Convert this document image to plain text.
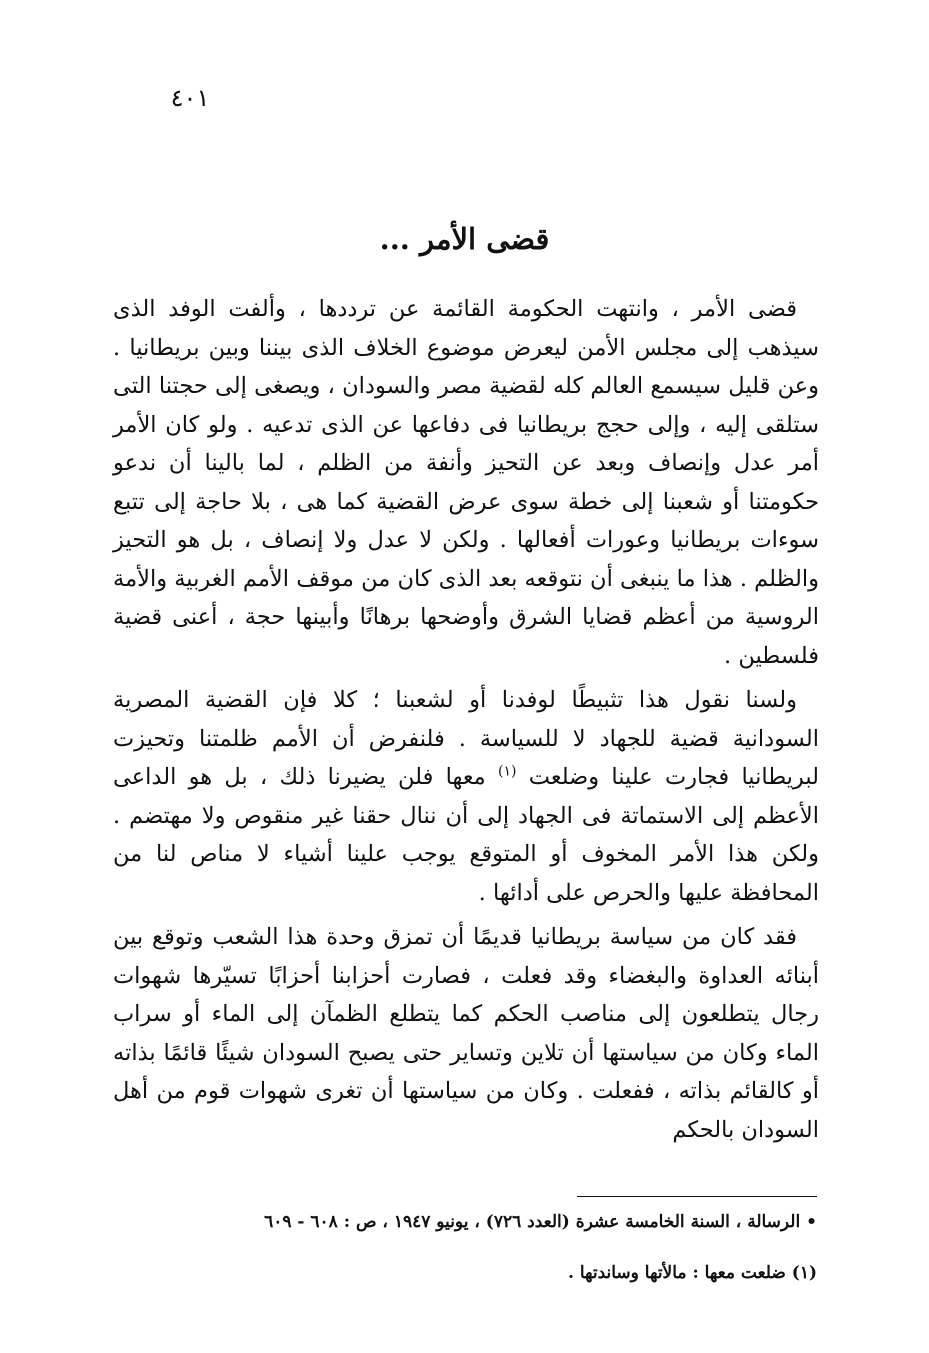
٤٠١
قضى الأمر ...

قضى الأمر ، وانتهت الحكومة القائمة عن ترددها ، وألفت الوفد الذى سيذهب إلى مجلس الأمن ليعرض موضوع الخلاف الذى بيننا وبين بريطانيا . وعن قليل سيسمع العالم كله لقضية مصر والسودان ، ويصغى إلى حجتنا التى ستلقى إليه ، وإلى حجج بريطانيا فى دفاعها عن الذى تدعيه . ولو كان الأمر أمر عدل وإنصاف وبعد عن التحيز وأنفة من الظلم ، لما بالينا أن ندعو حكومتنا أو شعبنا إلى خطة سوى عرض القضية كما هى ، بلا حاجة إلى تتبع سوءات بريطانيا وعورات أفعالها . ولكن لا عدل ولا إنصاف ، بل هو التحيز والظلم . هذا ما ينبغى أن نتوقعه بعد الذى كان من موقف الأمم الغربية والأمة الروسية من أعظم قضايا الشرق وأوضحها برهانًا وأبينها حجة ، أعنى قضية فلسطين .

ولسنا نقول هذا تثبيطًا لوفدنا أو لشعبنا ؛ كلا فإن القضية المصرية السودانية قضية للجهاد لا للسياسة . فلنفرض أن الأمم ظلمتنا وتحيزت لبريطانيا فجارت علينا وضلعت $^{(١)}$ معها فلن يضيرنا ذلك ، بل هو الداعى الأعظم إلى الاستماتة فى الجهاد إلى أن ننال حقنا غير منقوص ولا مهتضم . ولكن هذا الأمر المخوف أو المتوقع يوجب علينا أشياء لا مناص لنا من المحافظة عليها والحرص على أدائها .

فقد كان من سياسة بريطانيا قديمًا أن تمزق وحدة هذا الشعب وتوقع بين أبنائه العداوة والبغضاء وقد فعلت ، فصارت أحزابنا أحزابًا تسيّرها شهوات رجال يتطلعون إلى مناصب الحكم كما يتطلع الظمآن إلى الماء أو سراب الماء وكان من سياستها أن تلاين وتساير حتى يصبح السودان شيئًا قائمًا بذاته أو كالقائم بذاته ، ففعلت . وكان من سياستها أن تغرى شهوات قوم من أهل السودان بالحكم

• الرسالة ، السنة الخامسة عشرة (العدد ٧٢٦) ، يونيو ١٩٤٧ ، ص : ٦٠٨ - ٦٠٩
(١) ضلعت معها : مالأتها وساندتها .
